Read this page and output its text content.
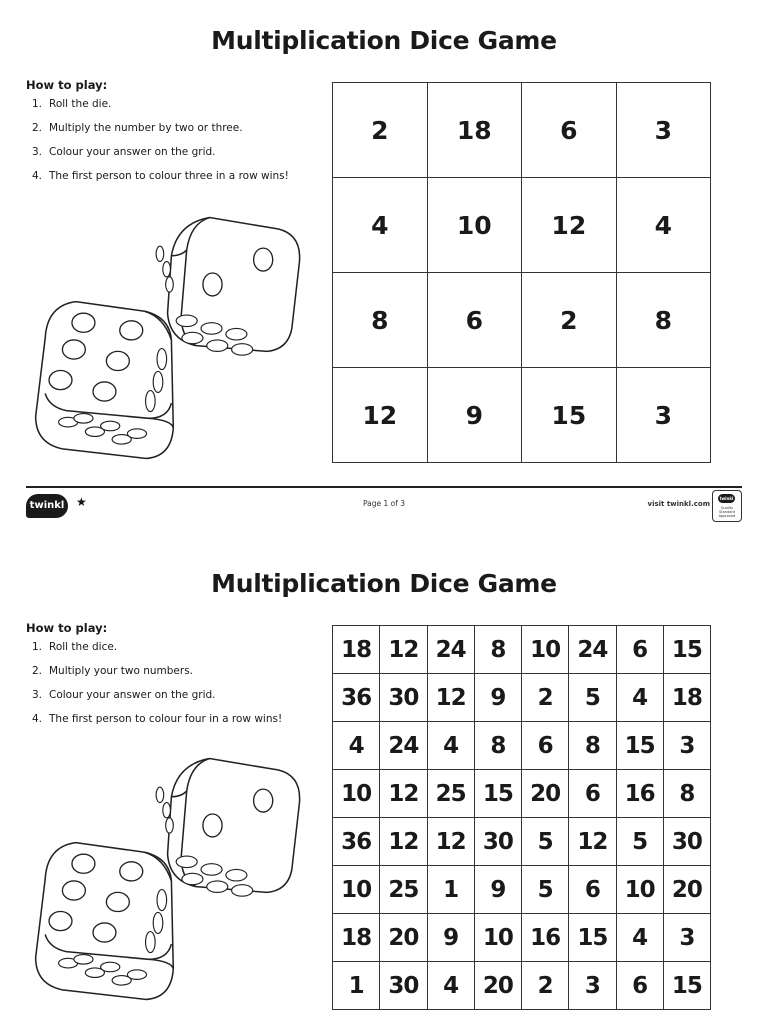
Multiplication Dice Game
How to play:
1. Roll the die.
2. Multiply the number by two or three.
3. Colour your answer on the grid.
4. The first person to colour three in a row wins!
2	18	6	3
4	10	12	4
8	6	2	8
12	9	15	3
twinkl ★	Page 1 of 3	visit twinkl.com
twinkl
Quality Standard Approved
Multiplication Dice Game
How to play:
1. Roll the dice.
2. Multiply your two numbers.
3. Colour your answer on the grid.
4. The first person to colour four in a row wins!
18	12	24	8	10	24	6	15
36	30	12	9	2	5	4	18
4	24	4	8	6	8	15	3
10	12	25	15	20	6	16	8
36	12	12	30	5	12	5	30
10	25	1	9	5	6	10	20
18	20	9	10	16	15	4	3
1	30	4	20	2	3	6	15
